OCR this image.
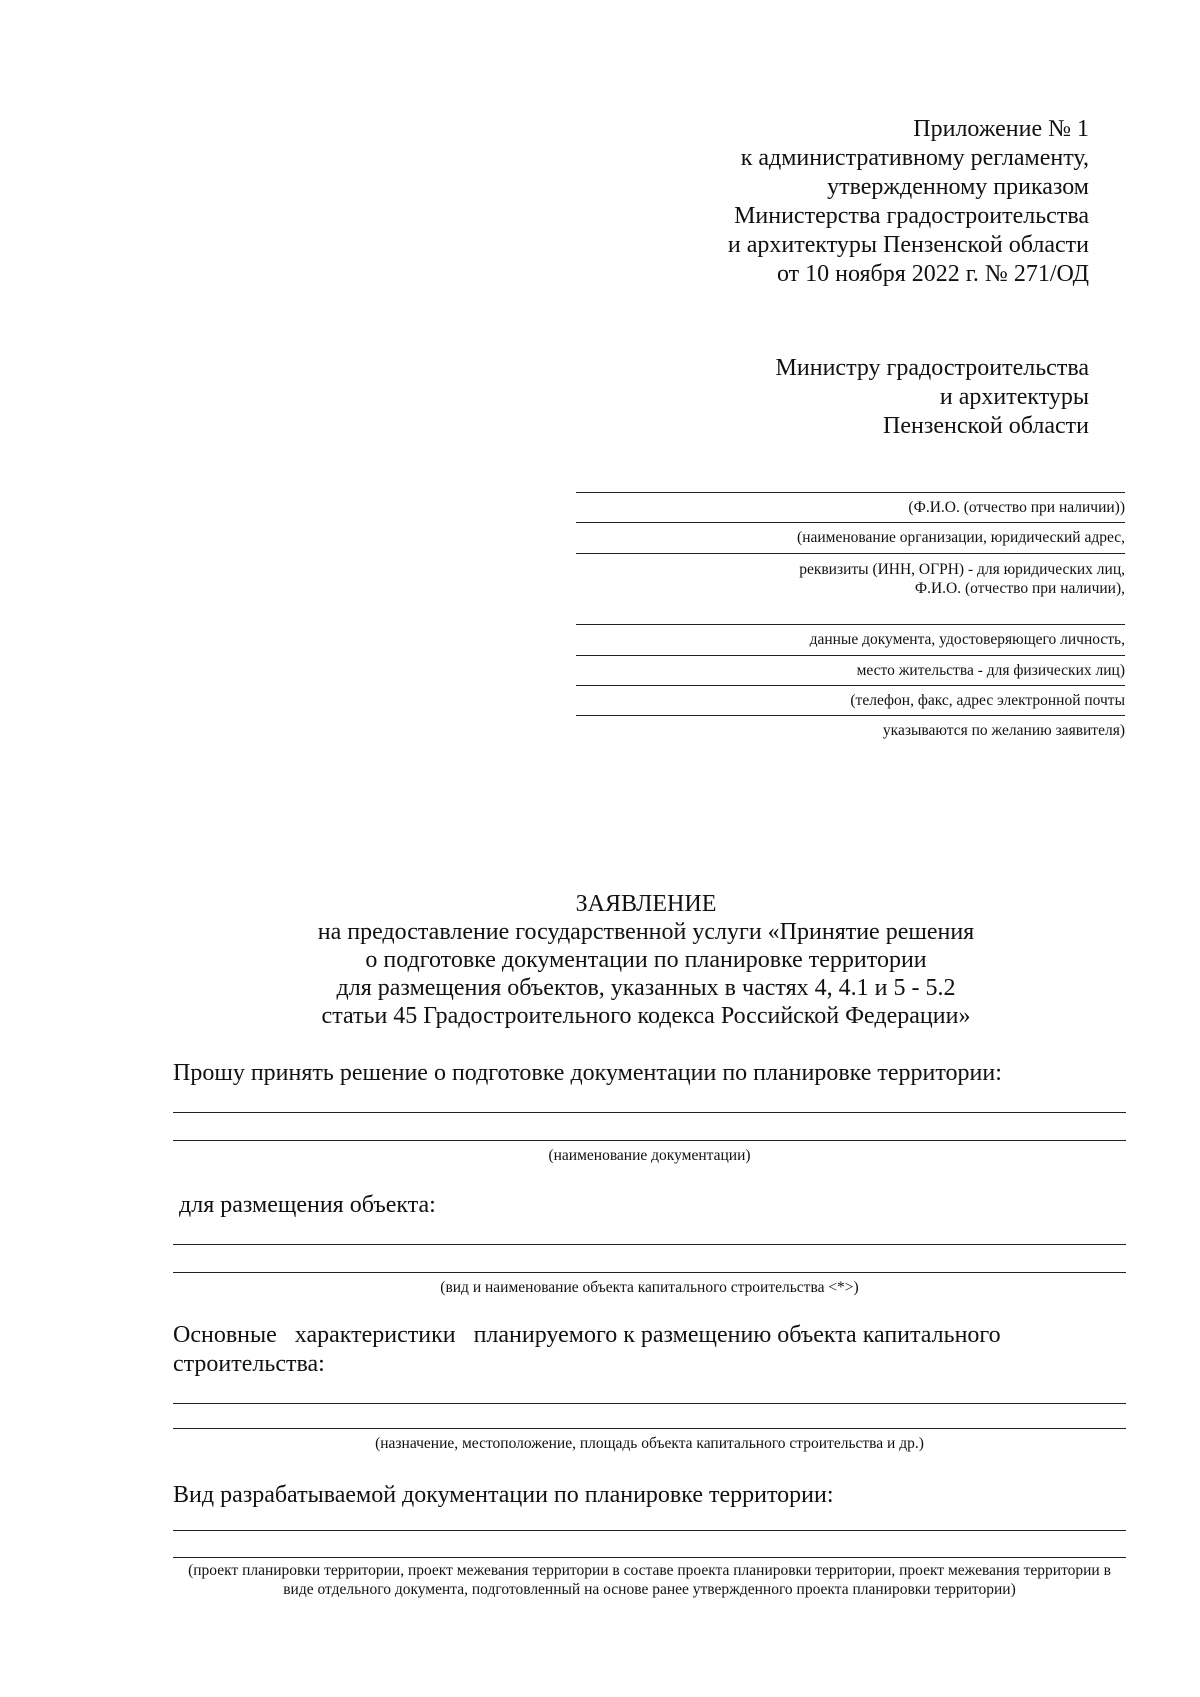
Приложение № 1
к административному регламенту,
утвержденному приказом
Министерства градостроительства
и архитектуры Пензенской области
от 10 ноября 2022 г. № 271/ОД
Министру градостроительства
и архитектуры
Пензенской области
(Ф.И.О. (отчество при наличии))
(наименование организации, юридический адрес,
реквизиты (ИНН, ОГРН) - для юридических лиц,
Ф.И.О. (отчество при наличии),
данные документа, удостоверяющего личность,
место жительства - для физических лиц)
(телефон, факс, адрес электронной почты
указываются по желанию заявителя)
ЗАЯВЛЕНИЕ
на предоставление государственной услуги «Принятие решения
о подготовке документации по планировке территории
для размещения объектов, указанных в частях 4, 4.1 и 5 - 5.2
статьи 45 Градостроительного кодекса Российской Федерации»
Прошу принять решение о подготовке документации по планировке территории:
(наименование документации)
для размещения объекта:
(вид и наименование объекта капитального строительства <*>)
Основные   характеристики   планируемого к размещению объекта капитального
строительства:
(назначение, местоположение, площадь объекта капитального строительства и др.)
Вид разрабатываемой документации по планировке территории:
(проект планировки территории, проект межевания территории в составе проекта планировки территории, проект межевания территории в виде отдельного документа, подготовленный на основе ранее утвержденного проекта планировки территории)
